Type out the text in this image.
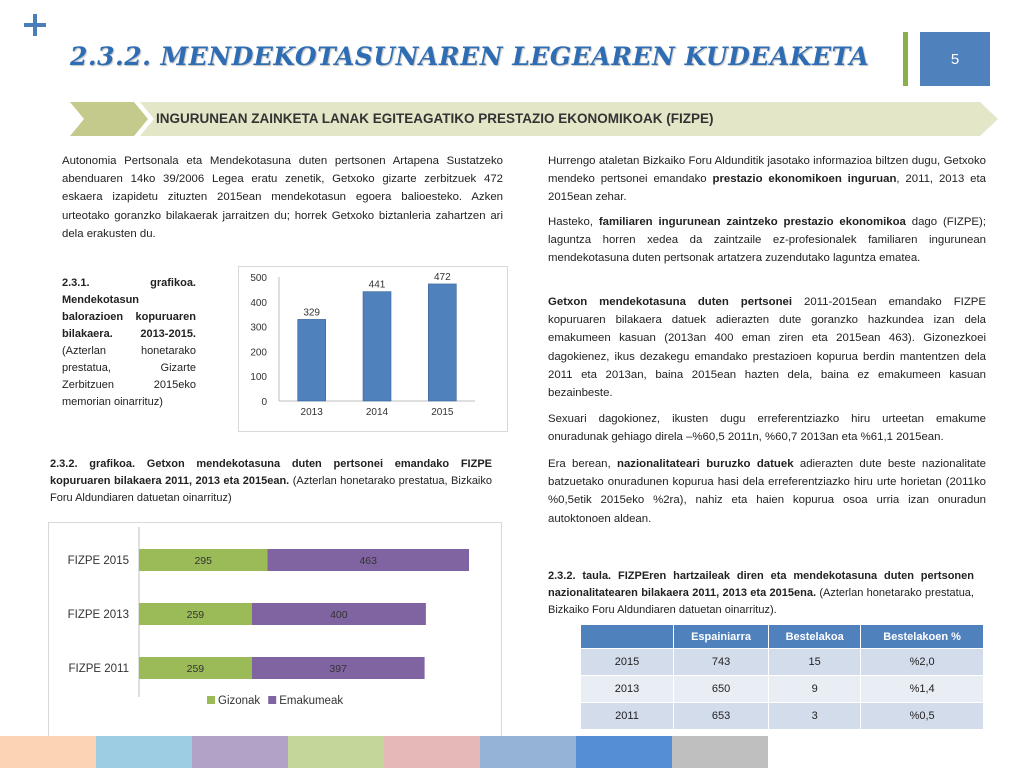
2.3.2. MENDEKOTASUNAREN LEGEAREN KUDEAKETA	5
INGURUNEAN ZAINKETA LANAK EGITEAGATIKO PRESTAZIO EKONOMIKOAK (FIZPE)

Autonomia Pertsonala eta Mendekotasuna duten pertsonen Artapena Sustatzeko abenduaren 14ko 39/2006 Legea eratu zenetik, Getxoko gizarte zerbitzuek 472 eskaera izapidetu zituzten 2015ean mendekotasun egoera balioesteko. Azken urteotako goranzko bilakaerak jarraitzen du; horrek Getxoko biztanleria zahartzen ari dela erakusten du.

2.3.1. grafikoa. Mendekotasun balorazioen kopuruaren bilakaera. 2013-2015. (Azterlan honetarako prestatua, Gizarte Zerbitzuen 2015eko memorian oinarrituz)	0
100
200
300
400
500
329
2013
441
2014
472
2015

2.3.2. grafikoa. Getxon mendekotasuna duten pertsonei emandako FIZPE kopuruaren bilakaera 2011, 2013 eta 2015ean. (Azterlan honetarako prestatua, Bizkaiko Foru Aldundiaren datuetan oinarrituz)

FIZPE 2015	295	463
FIZPE 2013	259	400
FIZPE 2011	259	397
Gizonak Emakumeak

Hurrengo ataletan Bizkaiko Foru Aldunditik jasotako informazioa biltzen dugu, Getxoko mendeko pertsonei emandako prestazio ekonomikoen inguruan, 2011, 2013 eta 2015ean zehar.

Hasteko, familiaren ingurunean zaintzeko prestazio ekonomikoa dago (FIZPE); laguntza horren xedea da zaintzaile ez-profesionalek familiaren ingurunean mendekotasuna duten pertsonak artatzera zuzendutako laguntza ematea.

Getxon mendekotasuna duten pertsonei 2011-2015ean emandako FIZPE kopuruaren bilakaera datuek adierazten dute goranzko hazkundea izan dela emakumeen kasuan (2013an 400 eman ziren eta 2015ean 463). Gizonezkoei dagokienez, ikus dezakegu emandako prestazioen kopurua berdin mantentzen dela 2011 eta 2013an, baina 2015ean hazten dela, baina ez emakumeen kasuan bezainbeste.

Sexuari dagokionez, ikusten dugu erreferentziazko hiru urteetan emakume onuradunak gehiago direla –%60,5 2011n, %60,7 2013an eta %61,1 2015ean.

Era berean, nazionalitateari buruzko datuek adierazten dute beste nazionalitate batzuetako onuradunen kopurua hasi dela erreferentziazko hiru urte horietan (2011ko %0,5etik 2015eko %2ra), nahiz eta haien kopurua osoa urria izan onuradun autoktonoen aldean.

2.3.2. taula. FIZPEren hartzaileak diren eta mendekotasuna duten pertsonen nazionalitatearen bilakaera 2011, 2013 eta 2015ena. (Azterlan honetarako prestatua, Bizkaiko Foru Aldundiaren datuetan oinarrituz).

	Espainiarra	Bestelakoa	Bestelakoen %
2015	743	15	%2,0
2013	650	9	%1,4
2011	653	3	%0,5
